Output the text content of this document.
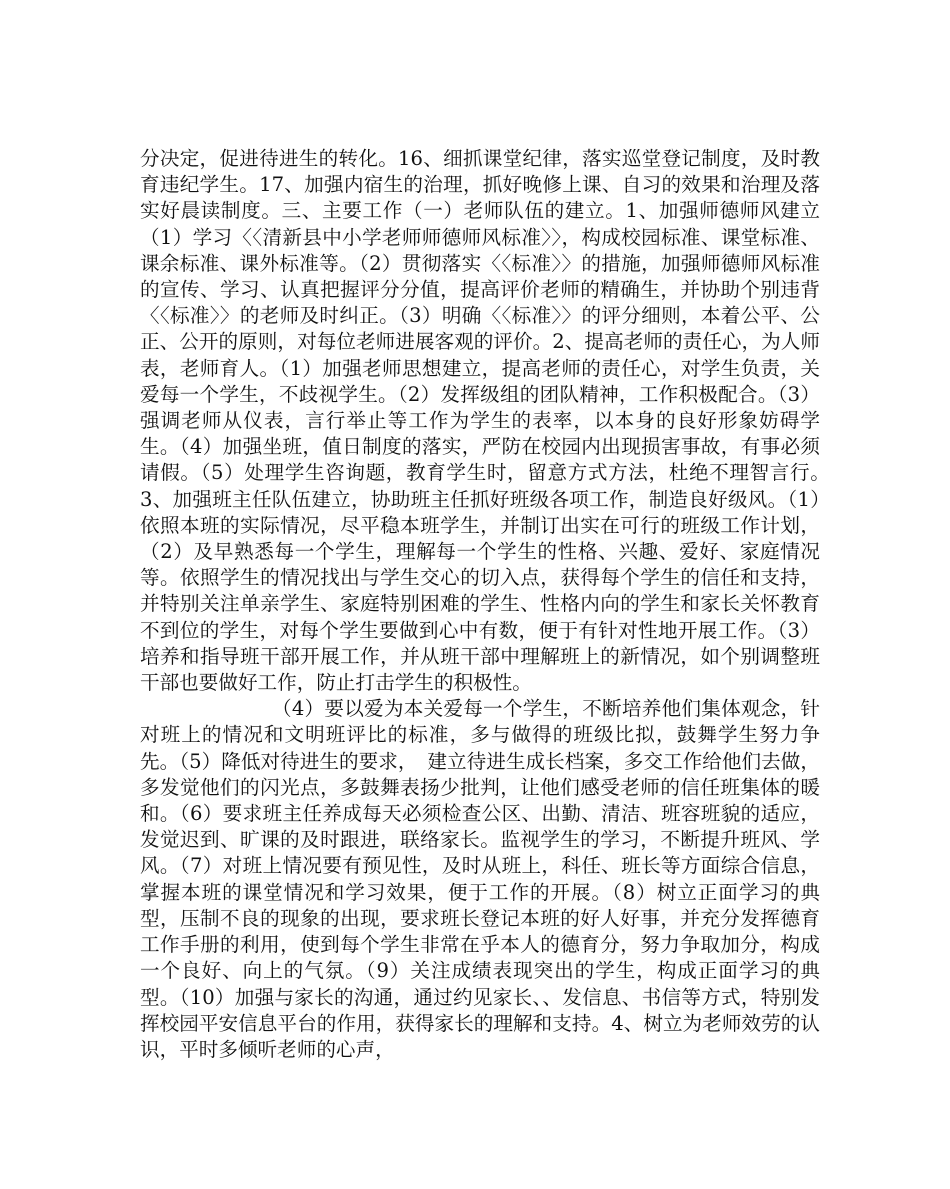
分决定，促进待进生的转化。16、细抓课堂纪律，落实巡堂登记制度，及时教育违纪学生。17、加强内宿生的治理，抓好晚修上课、自习的效果和治理及落实好晨读制度。三、主要工作（一）老师队伍的建立。1、加强师德师风建立（1）学习〈〈清新县中小学老师师德师风标准〉〉，构成校园标准、课堂标准、课余标准、课外标准等。（2）贯彻落实〈〈标准〉〉的措施，加强师德师风标准的宣传、学习、认真把握评分分值，提高评价老师的精确生，并协助个别违背〈〈标准〉〉的老师及时纠正。（3）明确〈〈标准〉〉的评分细则，本着公平、公正、公开的原则，对每位老师进展客观的评价。2、提高老师的责任心，为人师表，老师育人。（1）加强老师思想建立，提高老师的责任心，对学生负责，关爱每一个学生，不歧视学生。（2）发挥级组的团队精神，工作积极配合。（3）强调老师从仪表，言行举止等工作为学生的表率，以本身的良好形象妨碍学生。（4）加强坐班，值日制度的落实，严防在校园内出现损害事故，有事必须请假。（5）处理学生咨询题，教育学生时，留意方式方法，杜绝不理智言行。　3、加强班主任队伍建立，协助班主任抓好班级各项工作，制造良好级风。（1）依照本班的实际情况，尽平稳本班学生，并制订出实在可行的班级工作计划，（2）及早熟悉每一个学生，理解每一个学生的性格、兴趣、爱好、家庭情况等。依照学生的情况找出与学生交心的切入点，获得每个学生的信任和支持，并特别关注单亲学生、家庭特别困难的学生、性格内向的学生和家长关怀教育不到位的学生，对每个学生要做到心中有数，便于有针对性地开展工作。（3）培养和指导班干部开展工作，并从班干部中理解班上的新情况，如个别调整班干部也要做好工作，防止打击学生的积极性。

（4）要以爱为本关爱每一个学生，不断培养他们集体观念，针对班上的情况和文明班评比的标准，多与做得的班级比拟，鼓舞学生努力争先。（5）降低对待进生的要求，　建立待进生成长档案，多交工作给他们去做，多发觉他们的闪光点，多鼓舞表扬少批判，让他们感受老师的信任班集体的暖和。（6）要求班主任养成每天必须检查公区、出勤、清洁、班容班貌的适应，发觉迟到、旷课的及时跟进，联络家长。监视学生的学习，不断提升班风、学风。（7）对班上情况要有预见性，及时从班上，科任、班长等方面综合信息，掌握本班的课堂情况和学习效果，便于工作的开展。（8）树立正面学习的典型，压制不良的现象的出现，要求班长登记本班的好人好事，并充分发挥德育工作手册的利用，使到每个学生非常在乎本人的德育分，努力争取加分，构成一个良好、向上的气氛。（9）关注成绩表现突出的学生，构成正面学习的典型。（10）加强与家长的沟通，通过约见家长、、发信息、书信等方式，特别发挥校园平安信息平台的作用，获得家长的理解和支持。4、树立为老师效劳的认识，平时多倾听老师的心声，
